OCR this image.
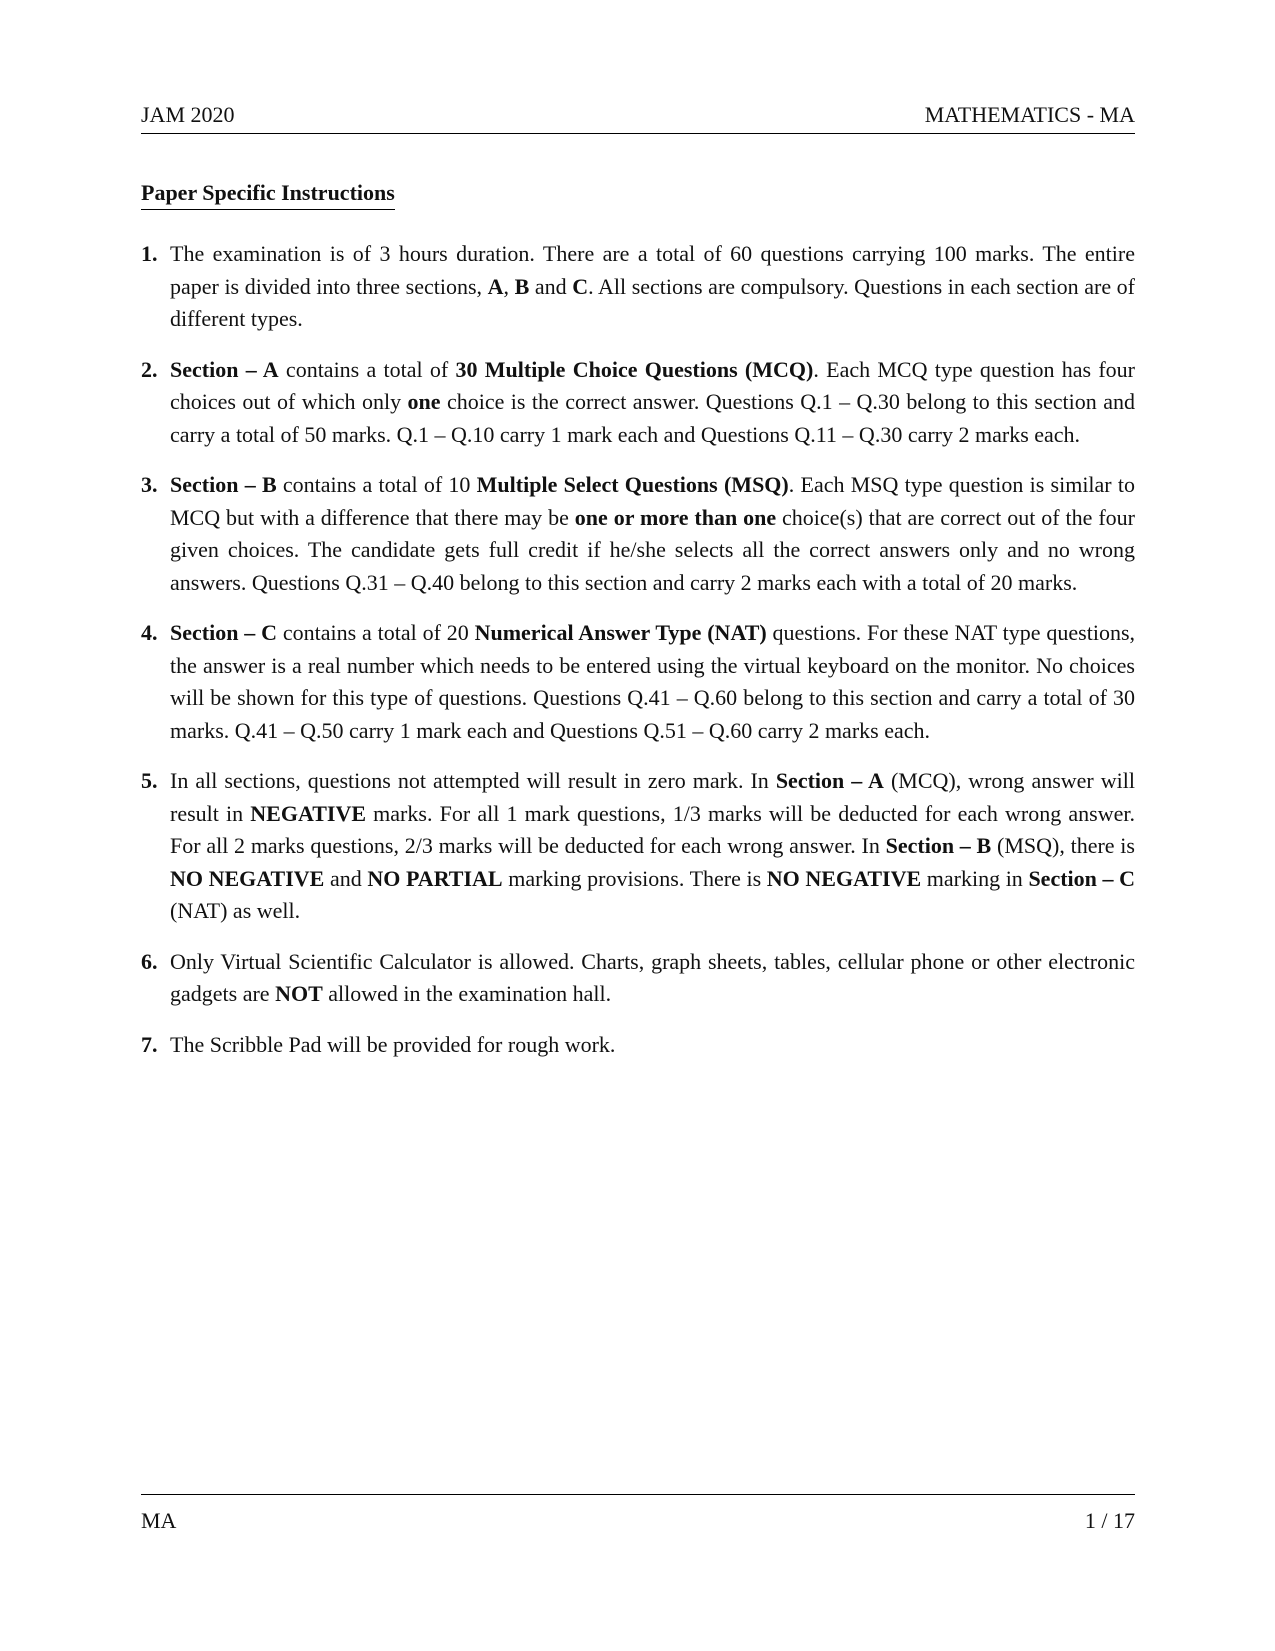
JAM 2020	MATHEMATICS - MA
Paper Specific Instructions
1. The examination is of 3 hours duration. There are a total of 60 questions carrying 100 marks. The entire paper is divided into three sections, A, B and C. All sections are compulsory. Questions in each section are of different types.
2. Section – A contains a total of 30 Multiple Choice Questions (MCQ). Each MCQ type question has four choices out of which only one choice is the correct answer. Questions Q.1 – Q.30 belong to this section and carry a total of 50 marks. Q.1 – Q.10 carry 1 mark each and Questions Q.11 – Q.30 carry 2 marks each.
3. Section – B contains a total of 10 Multiple Select Questions (MSQ). Each MSQ type question is similar to MCQ but with a difference that there may be one or more than one choice(s) that are correct out of the four given choices. The candidate gets full credit if he/she selects all the correct answers only and no wrong answers. Questions Q.31 – Q.40 belong to this section and carry 2 marks each with a total of 20 marks.
4. Section – C contains a total of 20 Numerical Answer Type (NAT) questions. For these NAT type questions, the answer is a real number which needs to be entered using the virtual keyboard on the monitor. No choices will be shown for this type of questions. Questions Q.41 – Q.60 belong to this section and carry a total of 30 marks. Q.41 – Q.50 carry 1 mark each and Questions Q.51 – Q.60 carry 2 marks each.
5. In all sections, questions not attempted will result in zero mark. In Section – A (MCQ), wrong answer will result in NEGATIVE marks. For all 1 mark questions, 1/3 marks will be deducted for each wrong answer. For all 2 marks questions, 2/3 marks will be deducted for each wrong answer. In Section – B (MSQ), there is NO NEGATIVE and NO PARTIAL marking provisions. There is NO NEGATIVE marking in Section – C (NAT) as well.
6. Only Virtual Scientific Calculator is allowed. Charts, graph sheets, tables, cellular phone or other electronic gadgets are NOT allowed in the examination hall.
7. The Scribble Pad will be provided for rough work.
MA	1 / 17
